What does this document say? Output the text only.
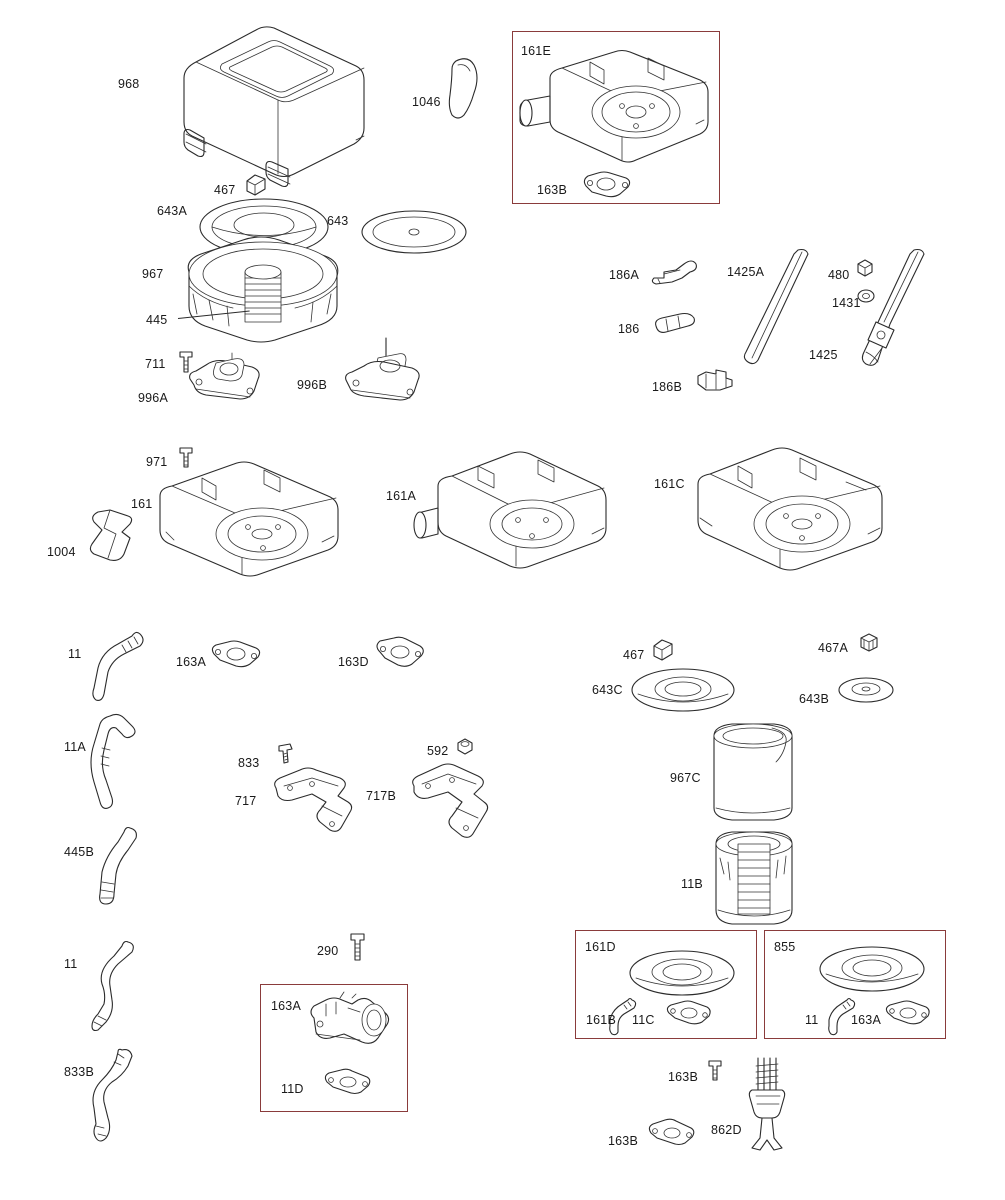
968
1046
161E
163B
467
643A
643
967
445
711
996A
996B
186A	1425A	480
1431
186
1425
186B
971
161
161A
161C
1004
11
163A	163D	467	467A
643C
643B
11A
833
592
717	717B
967C
11B
445B
290	161D
161B 11C
855
11	163A
11
163A
11D
833B	163B
862D
163B
